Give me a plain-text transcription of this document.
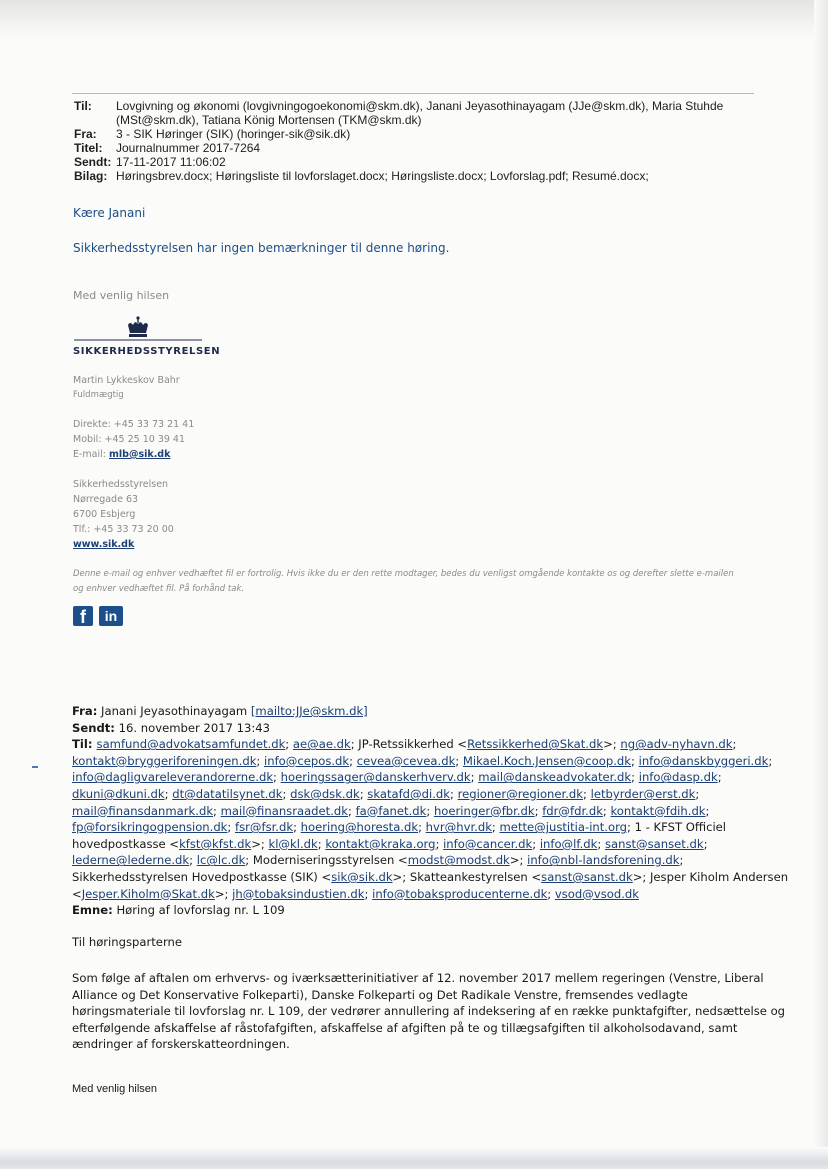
Til: Lovgivning og økonomi (lovgivningogoekonomi@skm.dk), Janani Jeyasothinayagam (JJe@skm.dk), Maria Stuhde
(MSt@skm.dk), Tatiana König Mortensen (TKM@skm.dk)
Fra: 3 - SIK Høringer (SIK) (horinger-sik@sik.dk)
Titel: Journalnummer 2017-7264
Sendt: 17-11-2017 11:06:02
Bilag: Høringsbrev.docx; Høringsliste til lovforslaget.docx; Høringsliste.docx; Lovforslag.pdf; Resumé.docx;
Kære Janani
Sikkerhedsstyrelsen har ingen bemærkninger til denne høring.
Med venlig hilsen
SIKKERHEDSSTYRELSEN
Martin Lykkeskov Bahr
Fuldmægtig
Direkte: +45 33 73 21 41
Mobil: +45 25 10 39 41
E-mail: mlb@sik.dk
Sikkerhedsstyrelsen
Nørregade 63
6700 Esbjerg
Tlf.: +45 33 73 20 00
www.sik.dk
Denne e-mail og enhver vedhæftet fil er fortrolig. Hvis ikke du er den rette modtager, bedes du venligst omgående kontakte os og derefter slette e-mailen og enhver vedhæftet fil. På forhånd tak.
f	in
Fra: Janani Jeyasothinayagam [mailto:JJe@skm.dk]
Sendt: 16. november 2017 13:43
Til: samfund@advokatsamfundet.dk; ae@ae.dk; JP-Retssikkerhed <Retssikkerhed@Skat.dk>; ng@adv-nyhavn.dk;
kontakt@bryggeriforeningen.dk; info@cepos.dk; cevea@cevea.dk; Mikael.Koch.Jensen@coop.dk; info@danskbyggeri.dk;
info@dagligvareleverandorerne.dk; hoeringssager@danskerhverv.dk; mail@danskeadvokater.dk; info@dasp.dk;
dkuni@dkuni.dk; dt@datatilsynet.dk; dsk@dsk.dk; skatafd@di.dk; regioner@regioner.dk; letbyrder@erst.dk;
mail@finansdanmark.dk; mail@finansraadet.dk; fa@fanet.dk; hoeringer@fbr.dk; fdr@fdr.dk; kontakt@fdih.dk;
fp@forsikringogpension.dk; fsr@fsr.dk; hoering@horesta.dk; hvr@hvr.dk; mette@justitia-int.org; 1 - KFST Officiel
hovedpostkasse <kfst@kfst.dk>; kl@kl.dk; kontakt@kraka.org; info@cancer.dk; info@lf.dk; sanst@sanset.dk;
lederne@lederne.dk; lc@lc.dk; Moderniseringsstyrelsen <modst@modst.dk>; info@nbl-landsforening.dk;
Sikkerhedsstyrelsen Hovedpostkasse (SIK) <sik@sik.dk>; Skatteankestyrelsen <sanst@sanst.dk>; Jesper Kiholm Andersen
<Jesper.Kiholm@Skat.dk>; jh@tobaksindustien.dk; info@tobaksproducenterne.dk; vsod@vsod.dk
Emne: Høring af lovforslag nr. L 109
Til høringsparterne
Som følge af aftalen om erhvervs- og iværksætterinitiativer af 12. november 2017 mellem regeringen (Venstre, Liberal
Alliance og Det Konservative Folkeparti), Danske Folkeparti og Det Radikale Venstre, fremsendes vedlagte
høringsmateriale til lovforslag nr. L 109, der vedrører annullering af indeksering af en række punktafgifter, nedsættelse og
efterfølgende afskaffelse af råstofafgiften, afskaffelse af afgiften på te og tillægsafgiften til alkoholsodavand, samt
ændringer af forskerskatteordningen.
Med venlig hilsen
